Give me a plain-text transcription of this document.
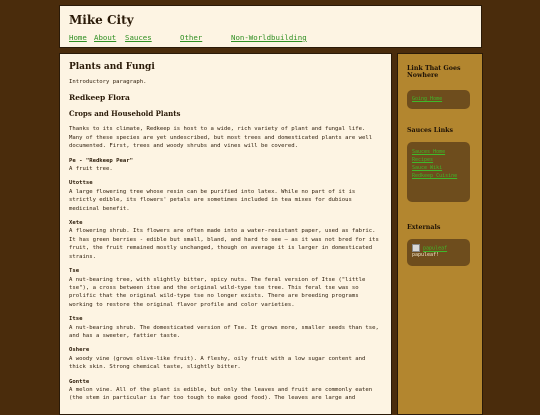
Mike City
Home About Sauces	Other	Non-Worldbuilding
Plants and Fungi

Introductory paragraph.

Redkeep Flora
Crops and Household Plants

Thanks to its climate, Redkeep is host to a wide, rich variety of plant and fungal life. Many of these species are yet undescribed, but most trees and domesticated plants are well documented. First, trees and woody shrubs and vines will be covered.

Pe - "Redkeep Pear"
A fruit tree.
Utottse
A large flowering tree whose resin can be purified into latex. While no part of it is strictly edible, its flowers' petals are sometimes included in tea mixes for dubious medicinal benefit.
Xete
A flowering shrub. Its flowers are often made into a water-resistant paper, used as fabric. It has green berries - edible but small, bland, and hard to see — as it was not bred for its fruit, the fruit remained mostly unchanged, though on average it is larger in domesticated strains.
Tse
A nut-bearing tree, with slightly bitter, spicy nuts. The feral version of Itse ("little tse"), a cross between itse and the original wild-type tse tree. This feral tse was so prolific that the original wild-type tse no longer exists. There are breeding programs working to restore the original flavor profile and color varieties.
Itse
A nut-bearing shrub. The domesticated version of Tse. It grows more, smaller seeds than tse, and has a sweeter, fattier taste.
Oshere
A woody vine (grows olive-like fruit). A fleshy, oily fruit with a low sugar content and thick skin. Strong chemical taste, slightly bitter.
Gontte
A melon vine. All of the plant is edible, but only the leaves and fruit are commonly eaten (the stem in particular is far too tough to make good food). The leaves are large and
Link That Goes Nowhere
Going Home
Sauces Links
Sauces Home
Recipes
Sauce Wiki
Redkeep Cuisine
Externals
papuleaf
papuleaf!
